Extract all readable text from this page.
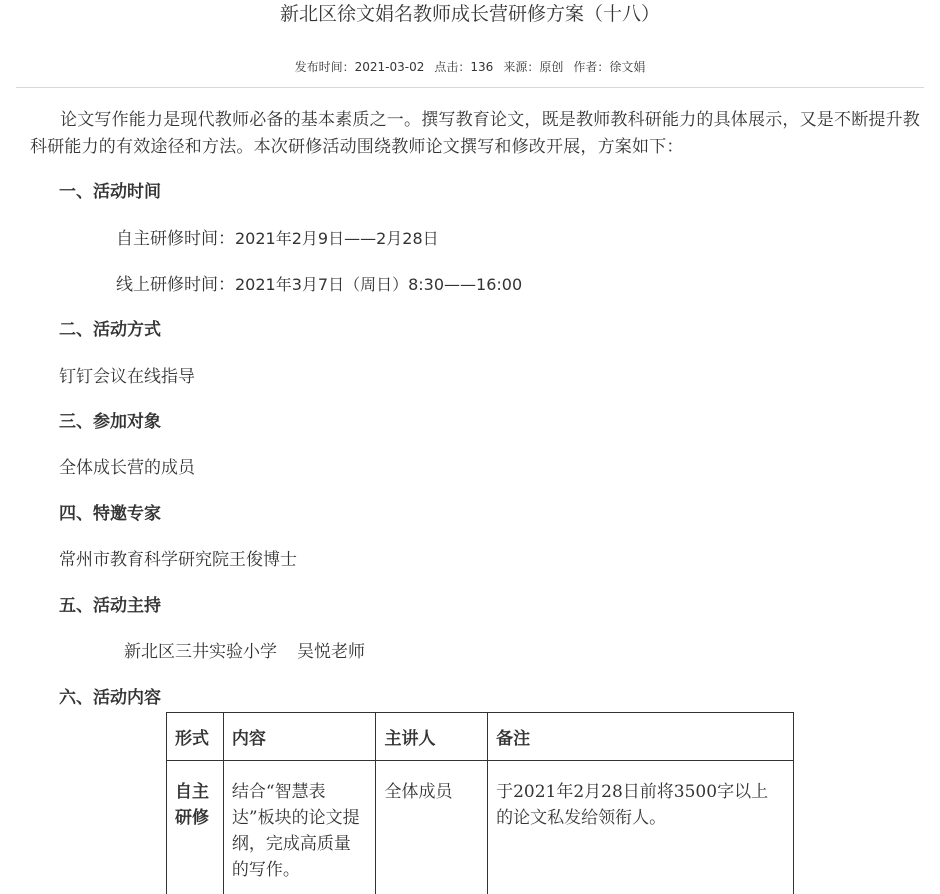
新北区徐文娟名教师成长营研修方案（十八）
发布时间：2021-03-02 点击：136 来源：原创 作者：徐文娟

论文写作能力是现代教师必备的基本素质之一。撰写教育论文，既是教师教科研能力的具体展示，又是不断提升教科研能力的有效途径和方法。本次研修活动围绕教师论文撰写和修改开展，方案如下：

一、活动时间

自主研修时间：2021年2月9日——2月28日

线上研修时间：2021年3月7日（周日）8:30——16:00

二、活动方式

钉钉会议在线指导

三、参加对象

全体成长营的成员

四、特邀专家

常州市教育科学研究院王俊博士

五、活动主持

新北区三井实验小学 吴悦老师

六、活动内容

形式	内容	主讲人	备注
自主研修	结合“智慧表达”板块的论文提纲，完成高质量的写作。	全体成员	于2021年2月28日前将3500字以上的论文私发给领衔人。
